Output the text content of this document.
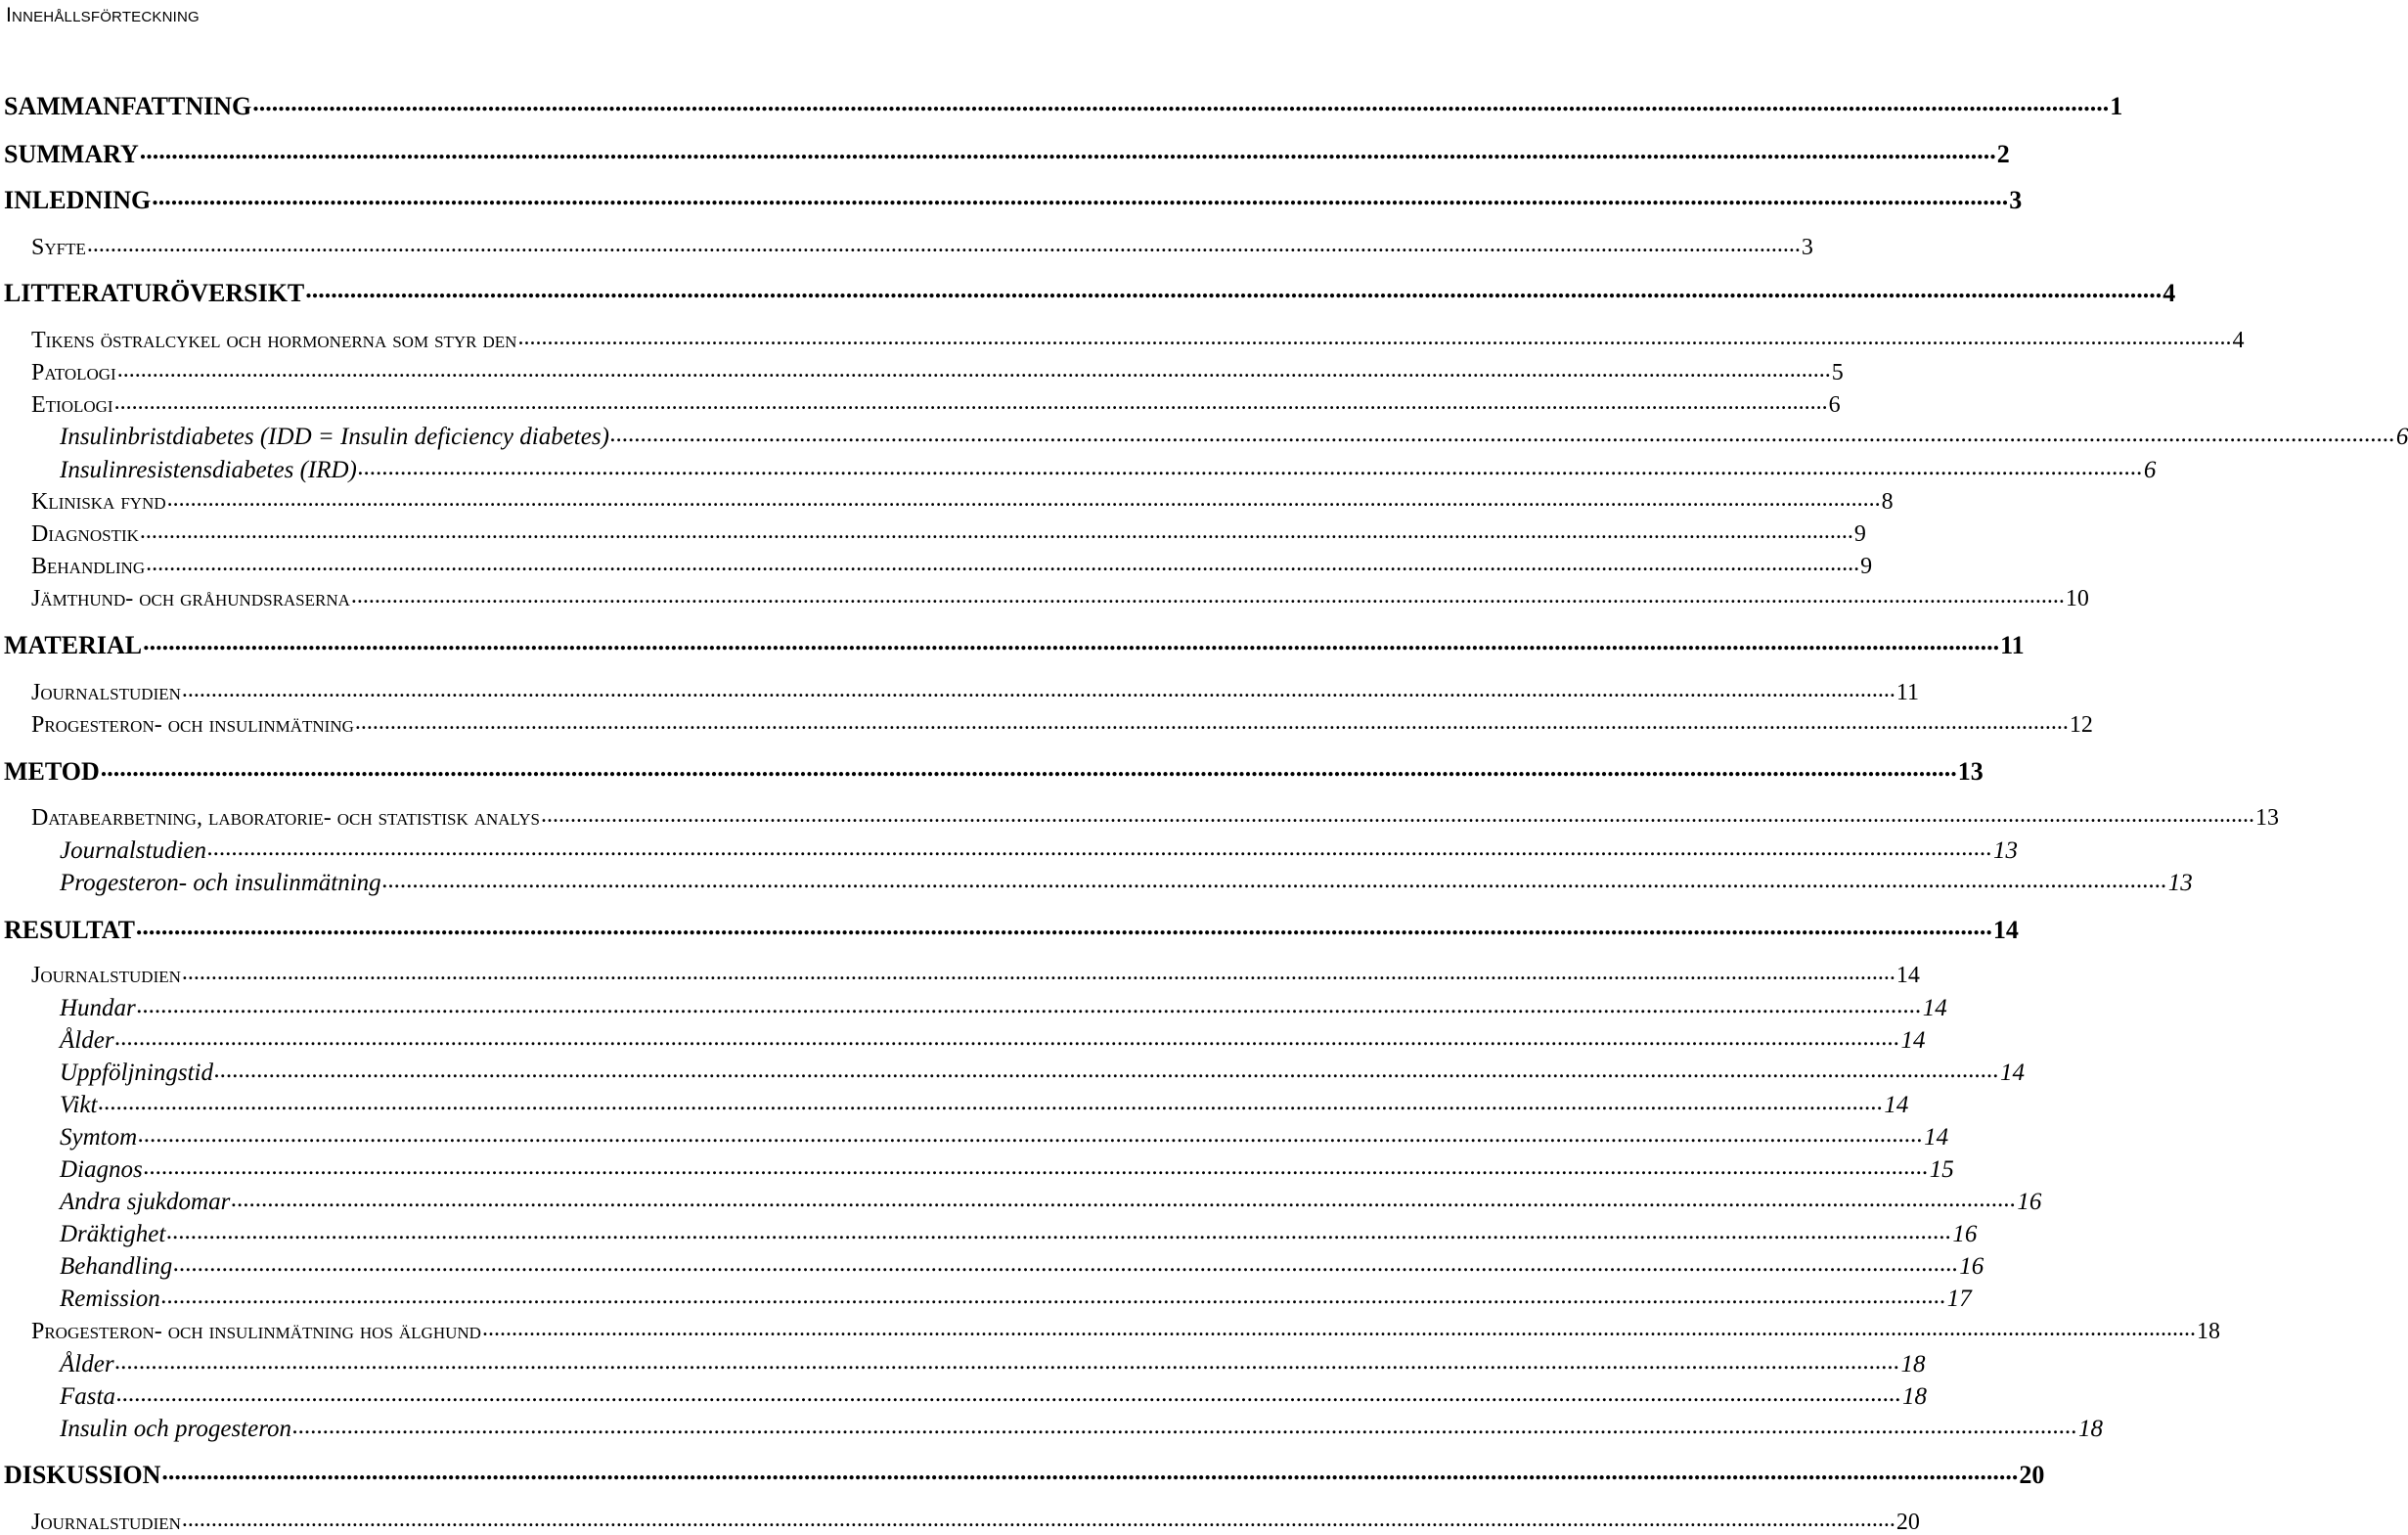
Innehållsförteckning
SAMMANFATTNING .....	1
SUMMARY .....	2
INLEDNING .....	3
Syfte .....	3
LITTERATURÖVERSIKT .....	4
Tikens östralcykel och hormonerna som styr den .....	4
Patologi .....	5
Etiologi .....	6
Insulinbristdiabetes (IDD = Insulin deficiency diabetes) .....	6
Insulinresistensdiabetes (IRD) .....	6
Kliniska fynd .....	8
Diagnostik .....	9
Behandling .....	9
Jämthund- och gråhundsraserna .....	10
MATERIAL .....	11
Journalstudien .....	11
Progesteron- och insulinmätning .....	12
METOD .....	13
Databearbetning, laboratorie- och statistisk analys .....	13
Journalstudien .....	13
Progesteron- och insulinmätning .....	13
RESULTAT .....	14
Journalstudien .....	14
Hundar .....	14
Ålder .....	14
Uppföljningstid .....	14
Vikt .....	14
Symtom .....	14
Diagnos .....	15
Andra sjukdomar .....	16
Dräktighet .....	16
Behandling .....	16
Remission .....	17
Progesteron- och insulinmätning hos älghund .....	18
Ålder .....	18
Fasta .....	18
Insulin och progesteron .....	18
DISKUSSION .....	20
Journalstudien .....	20
